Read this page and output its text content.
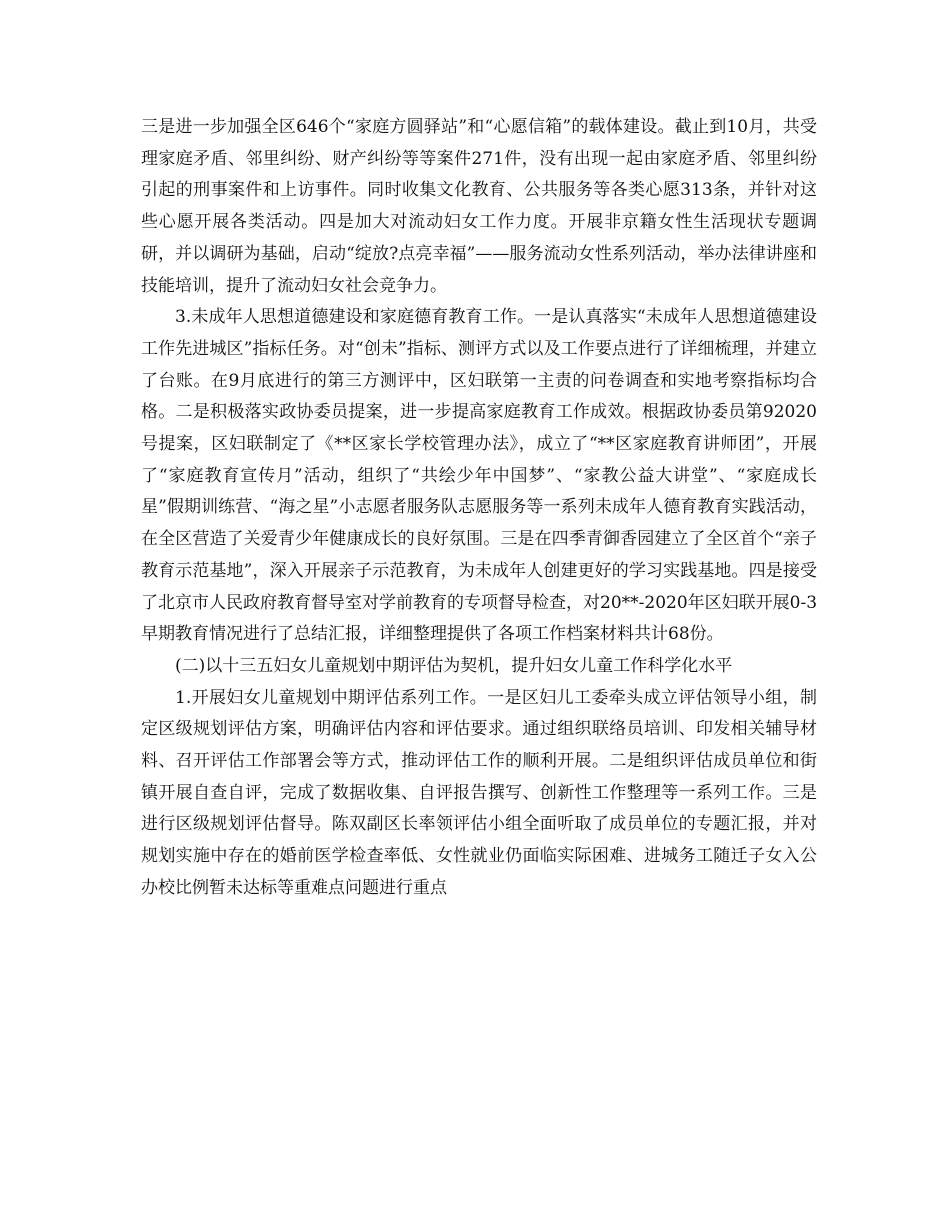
三是进一步加强全区646个“家庭方圆驿站”和“心愿信箱”的载体建设。截止到10月，共受理家庭矛盾、邻里纠纷、财产纠纷等等案件271件，没有出现一起由家庭矛盾、邻里纠纷引起的刑事案件和上访事件。同时收集文化教育、公共服务等各类心愿313条，并针对这些心愿开展各类活动。四是加大对流动妇女工作力度。开展非京籍女性生活现状专题调研，并以调研为基础，启动“绽放?点亮幸福”——服务流动女性系列活动，举办法律讲座和技能培训，提升了流动妇女社会竞争力。

3.未成年人思想道德建设和家庭德育教育工作。一是认真落实“未成年人思想道德建设工作先进城区”指标任务。对“创未”指标、测评方式以及工作要点进行了详细梳理，并建立了台账。在9月底进行的第三方测评中，区妇联第一主责的问卷调查和实地考察指标均合格。二是积极落实政协委员提案，进一步提高家庭教育工作成效。根据政协委员第92020号提案，区妇联制定了《**区家长学校管理办法》，成立了“**区家庭教育讲师团”，开展了“家庭教育宣传月”活动，组织了“共绘少年中国梦”、“家教公益大讲堂”、“家庭成长星”假期训练营、“海之星”小志愿者服务队志愿服务等一系列未成年人德育教育实践活动，在全区营造了关爱青少年健康成长的良好氛围。三是在四季青御香园建立了全区首个“亲子教育示范基地”，深入开展亲子示范教育，为未成年人创建更好的学习实践基地。四是接受了北京市人民政府教育督导室对学前教育的专项督导检查，对20**-2020年区妇联开展0-3早期教育情况进行了总结汇报，详细整理提供了各项工作档案材料共计68份。

(二)以十三五妇女儿童规划中期评估为契机，提升妇女儿童工作科学化水平

1.开展妇女儿童规划中期评估系列工作。一是区妇儿工委牵头成立评估领导小组，制定区级规划评估方案，明确评估内容和评估要求。通过组织联络员培训、印发相关辅导材料、召开评估工作部署会等方式，推动评估工作的顺利开展。二是组织评估成员单位和街镇开展自查自评，完成了数据收集、自评报告撰写、创新性工作整理等一系列工作。三是进行区级规划评估督导。陈双副区长率领评估小组全面听取了成员单位的专题汇报，并对规划实施中存在的婚前医学检查率低、女性就业仍面临实际困难、进城务工随迁子女入公办校比例暂未达标等重难点问题进行重点
